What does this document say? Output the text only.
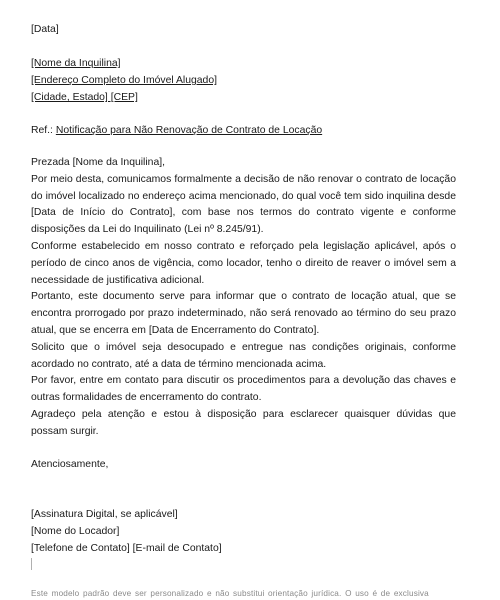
[Data]
[Nome da Inquilina]
[Endereço Completo do Imóvel Alugado]
[Cidade, Estado] [CEP]
Ref.: Notificação para Não Renovação de Contrato de Locação
Prezada [Nome da Inquilina],
Por meio desta, comunicamos formalmente a decisão de não renovar o contrato de locação do imóvel localizado no endereço acima mencionado, do qual você tem sido inquilina desde [Data de Início do Contrato], com base nos termos do contrato vigente e conforme disposições da Lei do Inquilinato (Lei nº 8.245/91).
Conforme estabelecido em nosso contrato e reforçado pela legislação aplicável, após o período de cinco anos de vigência, como locador, tenho o direito de reaver o imóvel sem a necessidade de justificativa adicional.
Portanto, este documento serve para informar que o contrato de locação atual, que se encontra prorrogado por prazo indeterminado, não será renovado ao término do seu prazo atual, que se encerra em [Data de Encerramento do Contrato].
Solicito que o imóvel seja desocupado e entregue nas condições originais, conforme acordado no contrato, até a data de término mencionada acima.
Por favor, entre em contato para discutir os procedimentos para a devolução das chaves e outras formalidades de encerramento do contrato.
Agradeço pela atenção e estou à disposição para esclarecer quaisquer dúvidas que possam surgir.
Atenciosamente,
[Assinatura Digital, se aplicável]
[Nome do Locador]
[Telefone de Contato] [E-mail de Contato]
Este modelo padrão deve ser personalizado e não substitui orientação jurídica. O uso é de exclusiva
